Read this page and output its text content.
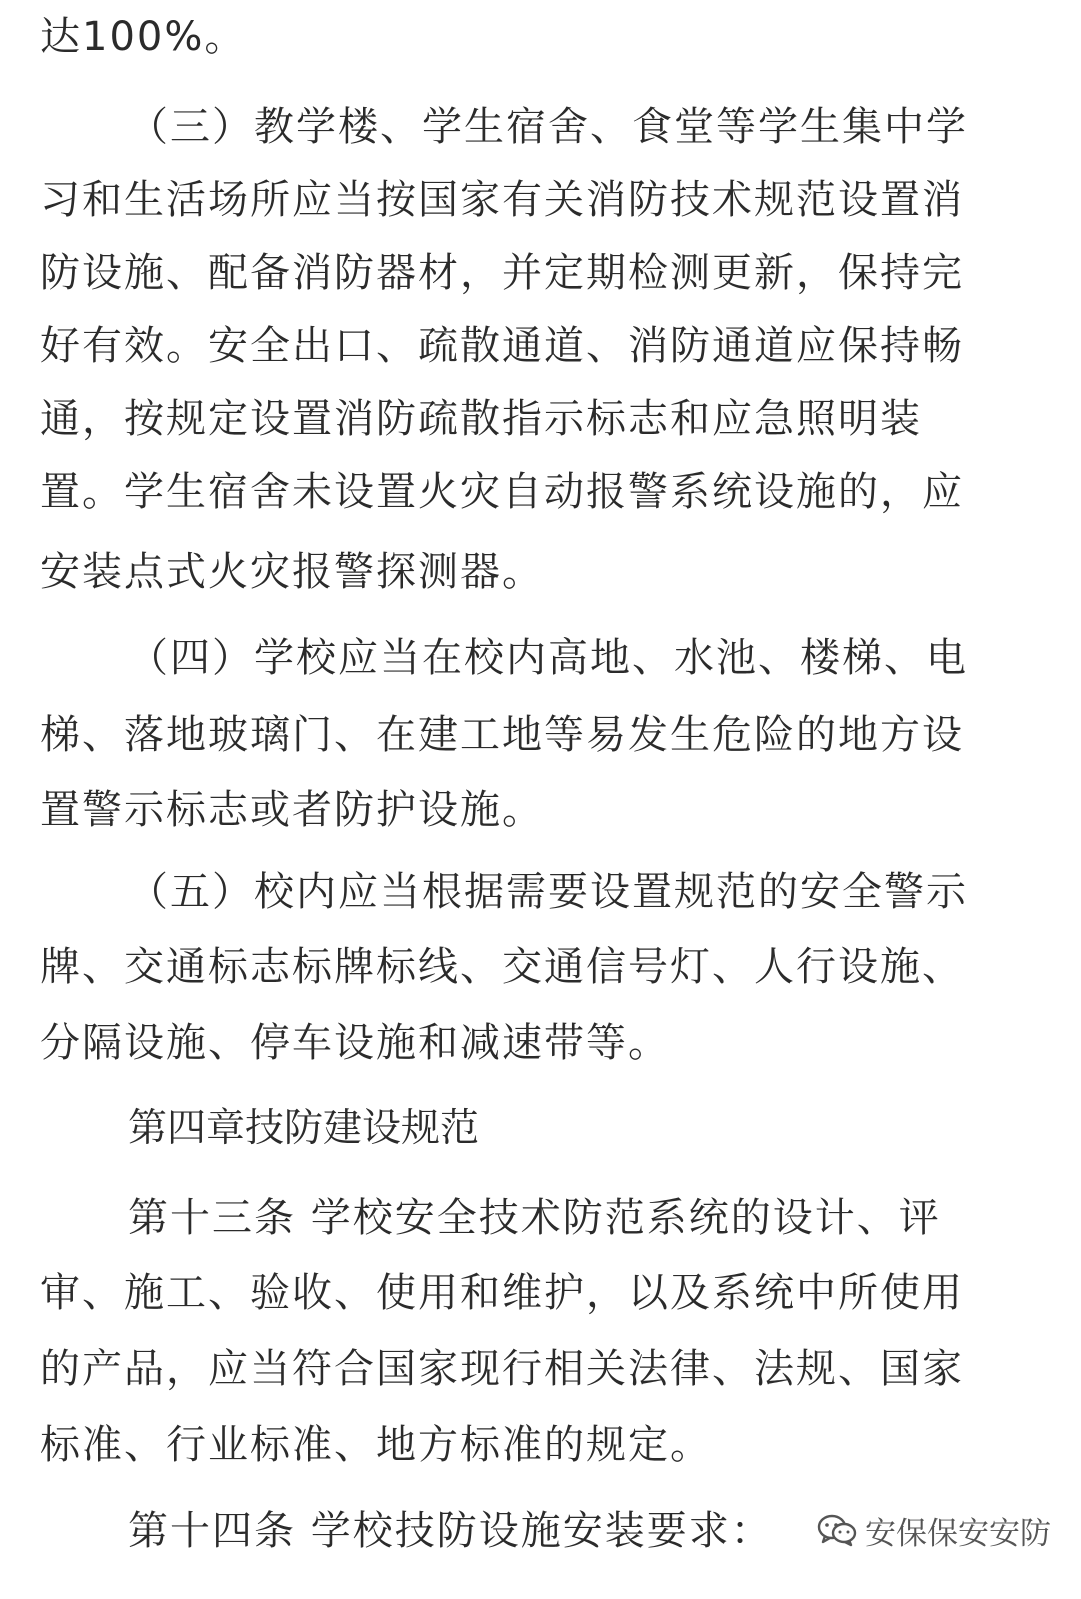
达100%。
（三）教学楼、学生宿舍、食堂等学生集中学
习和生活场所应当按国家有关消防技术规范设置消
防设施、配备消防器材，并定期检测更新，保持完
好有效。安全出口、疏散通道、消防通道应保持畅
通，按规定设置消防疏散指示标志和应急照明装
置。学生宿舍未设置火灾自动报警系统设施的，应
安装点式火灾报警探测器。
（四）学校应当在校内高地、水池、楼梯、电
梯、落地玻璃门、在建工地等易发生危险的地方设
置警示标志或者防护设施。
（五）校内应当根据需要设置规范的安全警示
牌、交通标志标牌标线、交通信号灯、人行设施、
分隔设施、停车设施和减速带等。
第四章技防建设规范
第十三条 学校安全技术防范系统的设计、评
审、施工、验收、使用和维护，以及系统中所使用
的产品，应当符合国家现行相关法律、法规、国家
标准、行业标准、地方标准的规定。
第十四条 学校技防设施安装要求：	安保保安安防
